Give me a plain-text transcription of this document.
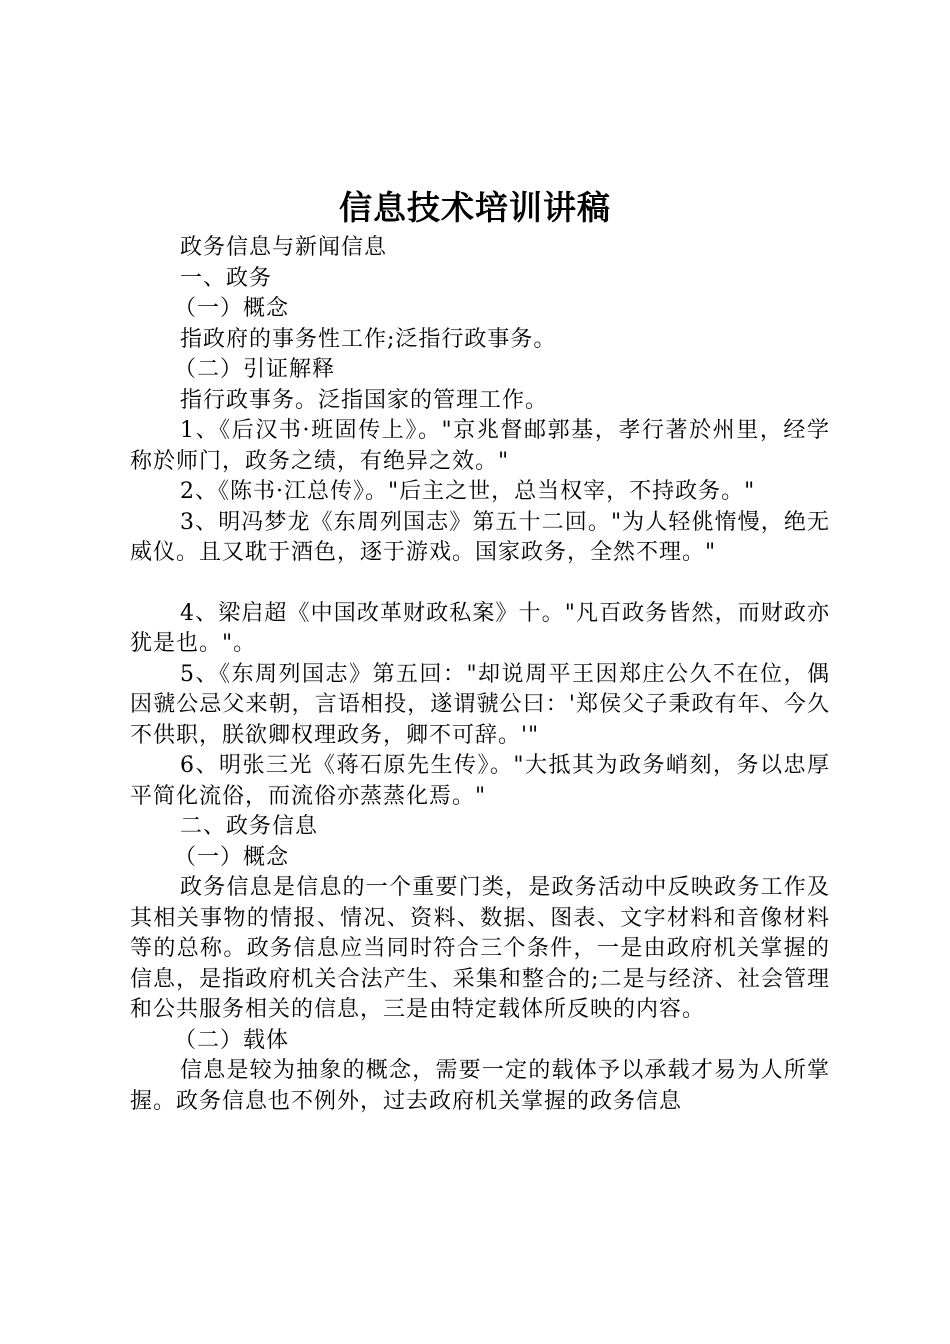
信息技术培训讲稿

政务信息与新闻信息

一、政务

（一）概念

指政府的事务性工作;泛指行政事务。

（二）引证解释

指行政事务。泛指国家的管理工作。

1、《后汉书·班固传上》。"京兆督邮郭基，孝行著於州里，经学称於师门，政务之绩，有绝异之效。"

2、《陈书·江总传》。"后主之世，总当权宰，不持政务。"

3、明冯梦龙《东周列国志》第五十二回。"为人轻佻惰慢，绝无威仪。且又耽于酒色，逐于游戏。国家政务，全然不理。"

4、梁启超《中国改革财政私案》十。"凡百政务皆然，而财政亦犹是也。"。

5、《东周列国志》第五回："却说周平王因郑庄公久不在位，偶因虢公忌父来朝，言语相投，遂谓虢公曰：'郑侯父子秉政有年、今久不供职，朕欲卿权理政务，卿不可辞。'"

6、明张三光《蒋石原先生传》。"大抵其为政务峭刻，务以忠厚平简化流俗，而流俗亦蒸蒸化焉。"

二、政务信息

（一）概念

政务信息是信息的一个重要门类，是政务活动中反映政务工作及其相关事物的情报、情况、资料、数据、图表、文字材料和音像材料等的总称。政务信息应当同时符合三个条件，一是由政府机关掌握的信息，是指政府机关合法产生、采集和整合的;二是与经济、社会管理和公共服务相关的信息，三是由特定载体所反映的内容。

（二）载体

信息是较为抽象的概念，需要一定的载体予以承载才易为人所掌握。政务信息也不例外，过去政府机关掌握的政务信息
